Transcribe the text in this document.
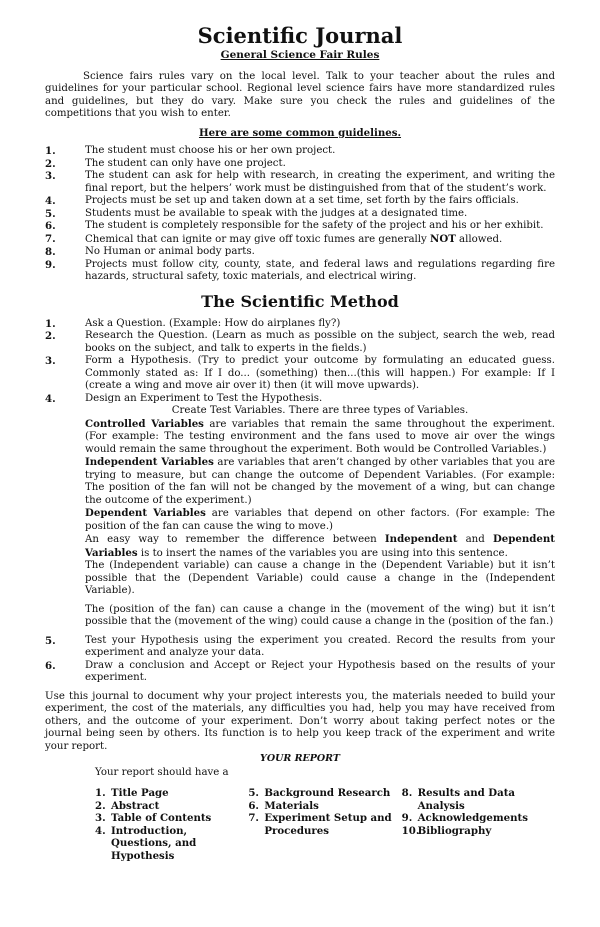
Scientific Journal
General Science Fair Rules

Science fairs rules vary on the local level. Talk to your teacher about the rules and guidelines for your particular school. Regional level science fairs have more standardized rules and guidelines, but they do vary. Make sure you check the rules and guidelines of the competitions that you wish to enter.

Here are some common guidelines.
1.	The student must choose his or her own project.
2.	The student can only have one project.
3.	The student can ask for help with research, in creating the experiment, and writing the final report, but the helpers’ work must be distinguished from that of the student’s work.
4.	Projects must be set up and taken down at a set time, set forth by the fairs officials.
5.	Students must be available to speak with the judges at a designated time.
6.	The student is completely responsible for the safety of the project and his or her exhibit.
7.	Chemical that can ignite or may give off toxic fumes are generally NOT allowed.
8.	No Human or animal body parts.
9.	Projects must follow city, county, state, and federal laws and regulations regarding fire hazards, structural safety, toxic materials, and electrical wiring.
The Scientific Method
1.	Ask a Question. (Example: How do airplanes fly?)
2.	Research the Question. (Learn as much as possible on the subject, search the web, read books on the subject, and talk to experts in the fields.)
3.	Form a Hypothesis. (Try to predict your outcome by formulating an educated guess. Commonly stated as: If I do... (something) then...(this will happen.) For example: If I (create a wing and move air over it) then (it will move upwards).
4.	Design an Experiment to Test the Hypothesis.

Create Test Variables. There are three types of Variables.

Controlled Variables are variables that remain the same throughout the experiment. (For example: The testing environment and the fans used to move air over the wings would remain the same throughout the experiment. Both would be Controlled Variables.)

Independent Variables are variables that aren’t changed by other variables that you are trying to measure, but can change the outcome of Dependent Variables. (For example: The position of the fan will not be changed by the movement of a wing, but can change the outcome of the experiment.)

Dependent Variables are variables that depend on other factors. (For example: The position of the fan can cause the wing to move.)

An easy way to remember the difference between Independent and Dependent Variables is to insert the names of the variables you are using into this sentence.

The (Independent variable) can cause a change in the (Dependent Variable) but it isn’t possible that the (Dependent Variable) could cause a change in the (Independent Variable).

The (position of the fan) can cause a change in the (movement of the wing) but it isn’t possible that the (movement of the wing) could cause a change in the (position of the fan.)

5.	Test your Hypothesis using the experiment you created. Record the results from your experiment and analyze your data.
6.	Draw a conclusion and Accept or Reject your Hypothesis based on the results of your experiment.

Use this journal to document why your project interests you, the materials needed to build your experiment, the cost of the materials, any difficulties you had, help you may have received from others, and the outcome of your experiment. Don’t worry about taking perfect notes or the journal being seen by others. Its function is to help you keep track of the experiment and write your report.

YOUR REPORT
Your report should have a
1. Title Page
2. Abstract
3. Table of Contents
4. Introduction, Questions, and Hypothesis
5. Background Research
6. Materials
7. Experiment Setup and Procedures
8. Results and Data Analysis
9. Acknowledgements
10.
Bibliography
